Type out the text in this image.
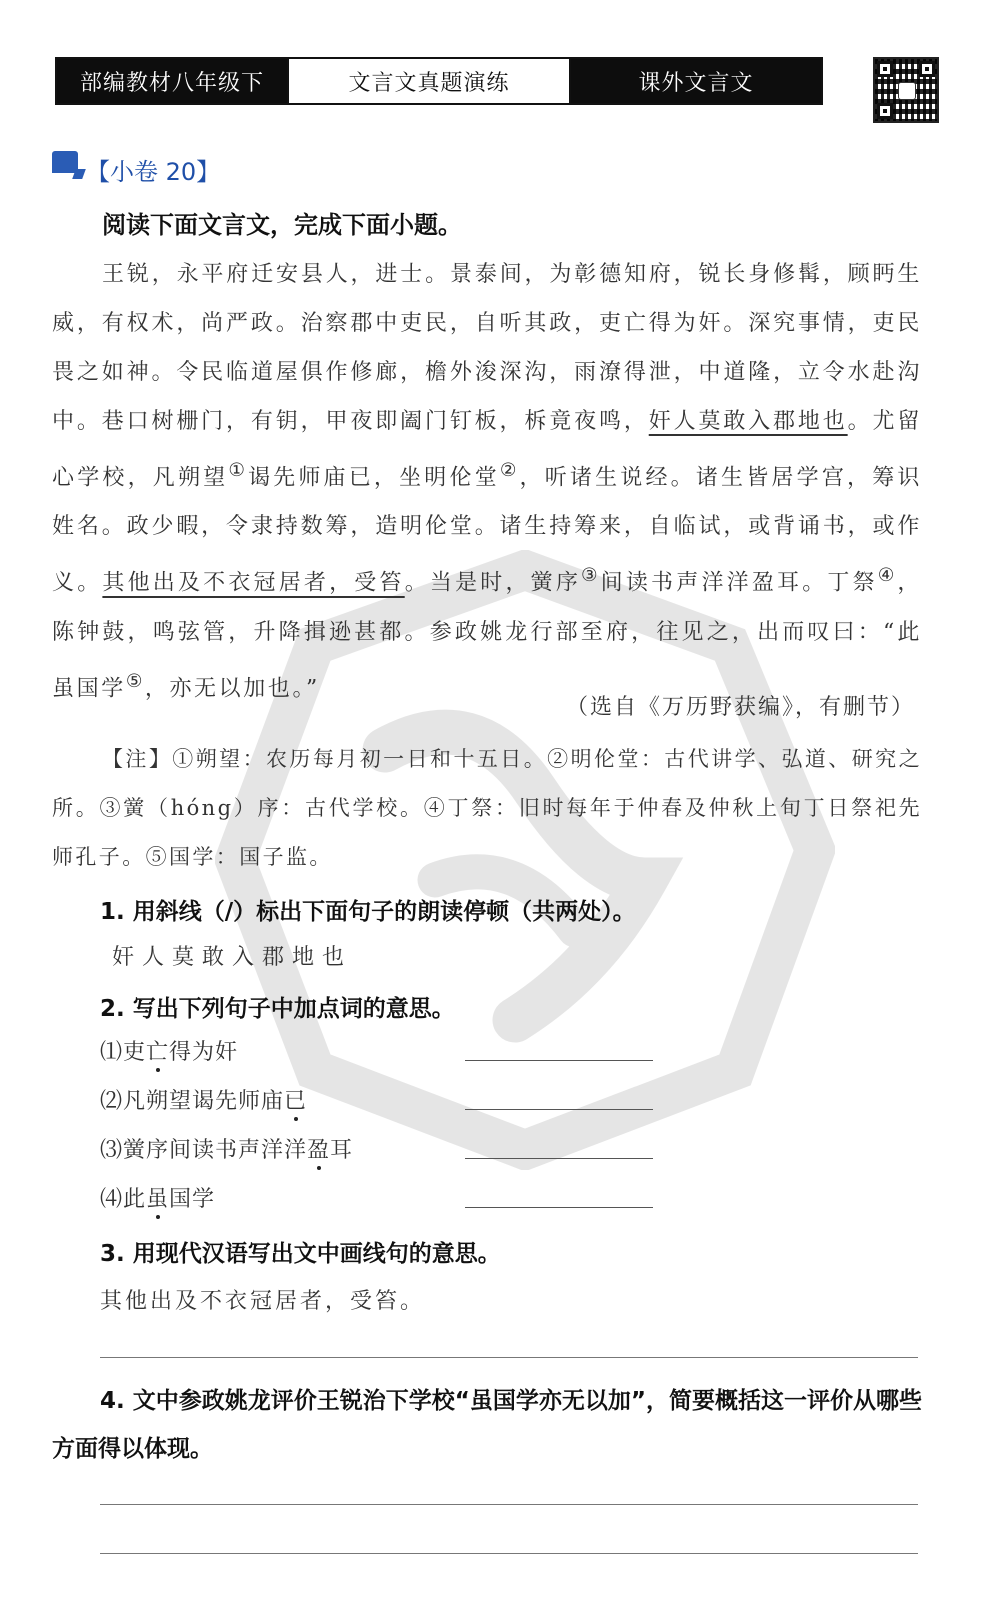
部编教材八年级下	文言文真题演练	课外文言文
【小卷 20】
阅读下面文言文，完成下面小题。

王锐，永平府迁安县人，进士。景泰间，为彰德知府，锐长身修髯，顾眄生威，有权术，尚严政。治察郡中吏民，自听其政，吏亡得为奸。深究事情，吏民畏之如神。令民临道屋俱作修廊，檐外浚深沟，雨潦得泄，中道隆，立令水赴沟中。巷口树栅门，有钥，甲夜即阖门钉板，柝竟夜鸣，奸人莫敢入郡地也。尤留心学校，凡朔望①谒先师庙已，坐明伦堂②，听诸生说经。诸生皆居学宫，筹识姓名。政少暇，令隶持数筹，造明伦堂。诸生持筹来，自临试，或背诵书，或作义。其他出及不衣冠居者，受笞。当是时，黉序③间读书声洋洋盈耳。丁祭④，陈钟鼓，鸣弦管，升降揖逊甚都。参政姚龙行部至府，往见之，出而叹曰：“此虽国学⑤，亦无以加也。”

（选自《万历野获编》，有删节）

【注】①朔望：农历每月初一日和十五日。②明伦堂：古代讲学、弘道、研究之所。③黉（hóng）序：古代学校。④丁祭：旧时每年于仲春及仲秋上旬丁日祭祀先师孔子。⑤国学：国子监。

1. 用斜线（/）标出下面句子的朗读停顿（共两处）。
奸人莫敢入郡地也
2. 写出下列句子中加点词的意思。
⑴吏亡得为奸
⑵凡朔望谒先师庙已
⑶黉序间读书声洋洋盈耳
⑷此虽国学
3. 用现代汉语写出文中画线句的意思。
其他出及不衣冠居者，受笞。
4. 文中参政姚龙评价王锐治下学校“虽国学亦无以加”，简要概括这一评价从哪些方面得以体现。
